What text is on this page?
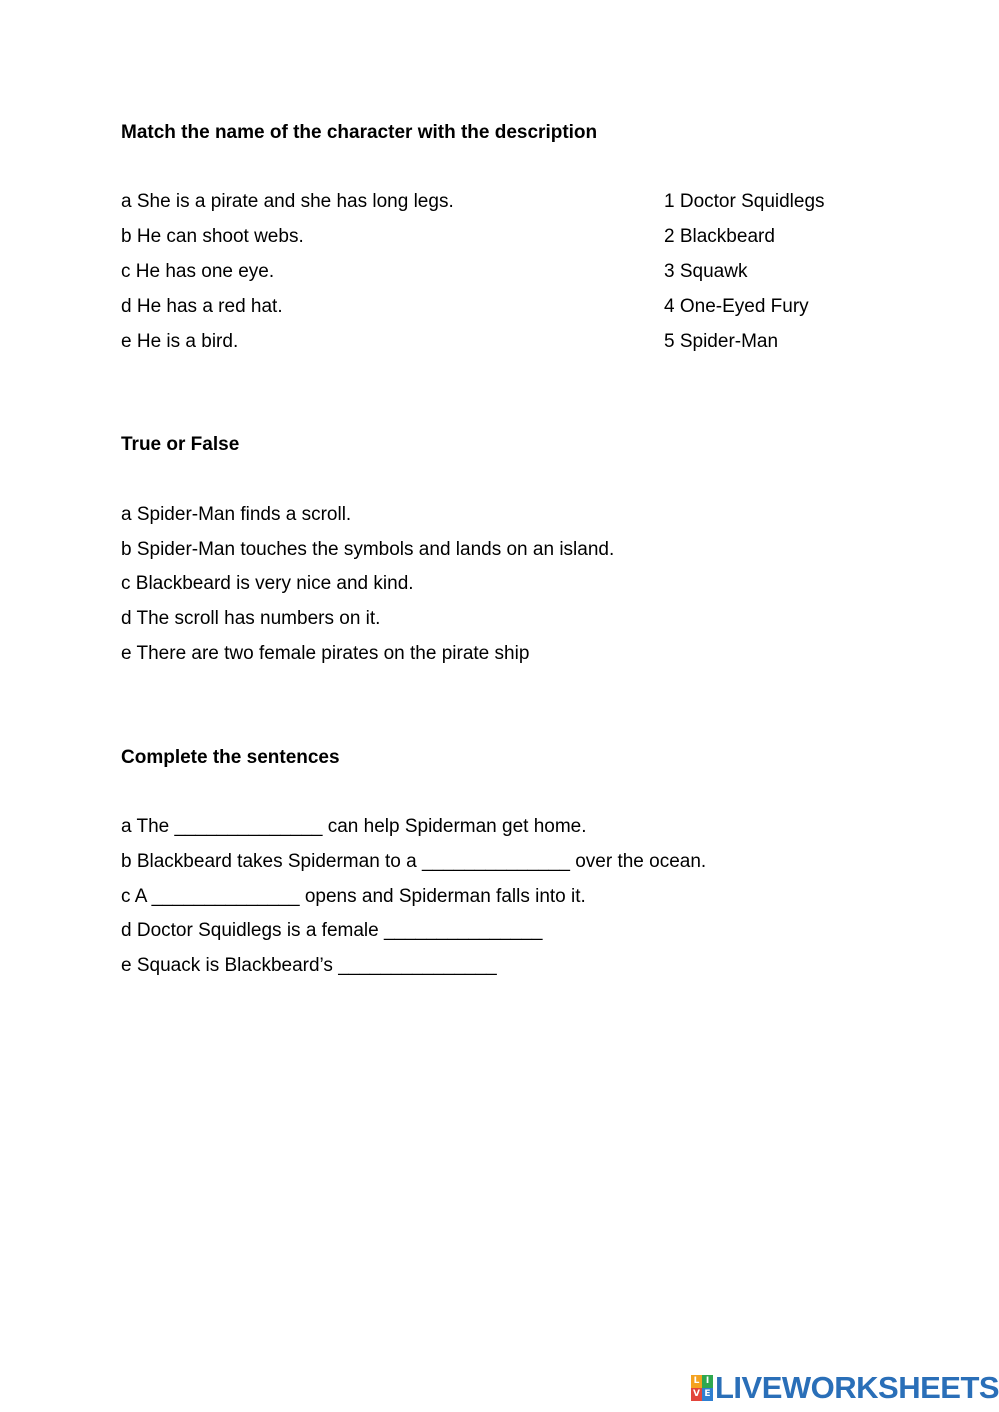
Match the name of the character with the description
a She is a pirate and she has long legs.
b He can shoot webs.
c He has one eye.
d He has a red hat.
e He is a bird.
1 Doctor Squidlegs
2 Blackbeard
3 Squawk
4 One-Eyed Fury
5 Spider-Man
True or False
a Spider-Man finds a scroll.
b Spider-Man touches the symbols and lands on an island.
c Blackbeard is very nice and kind.
d The scroll has numbers on it.
e There are two female pirates on the pirate ship
Complete the sentences
a The ______________ can help Spiderman get home.
b Blackbeard takes Spiderman to a ______________ over the ocean.
c A ______________ opens and Spiderman falls into it.
d Doctor Squidlegs is a female _______________
e Squack is Blackbeard’s _______________
L I
V E LIVEWORKSHEETS
